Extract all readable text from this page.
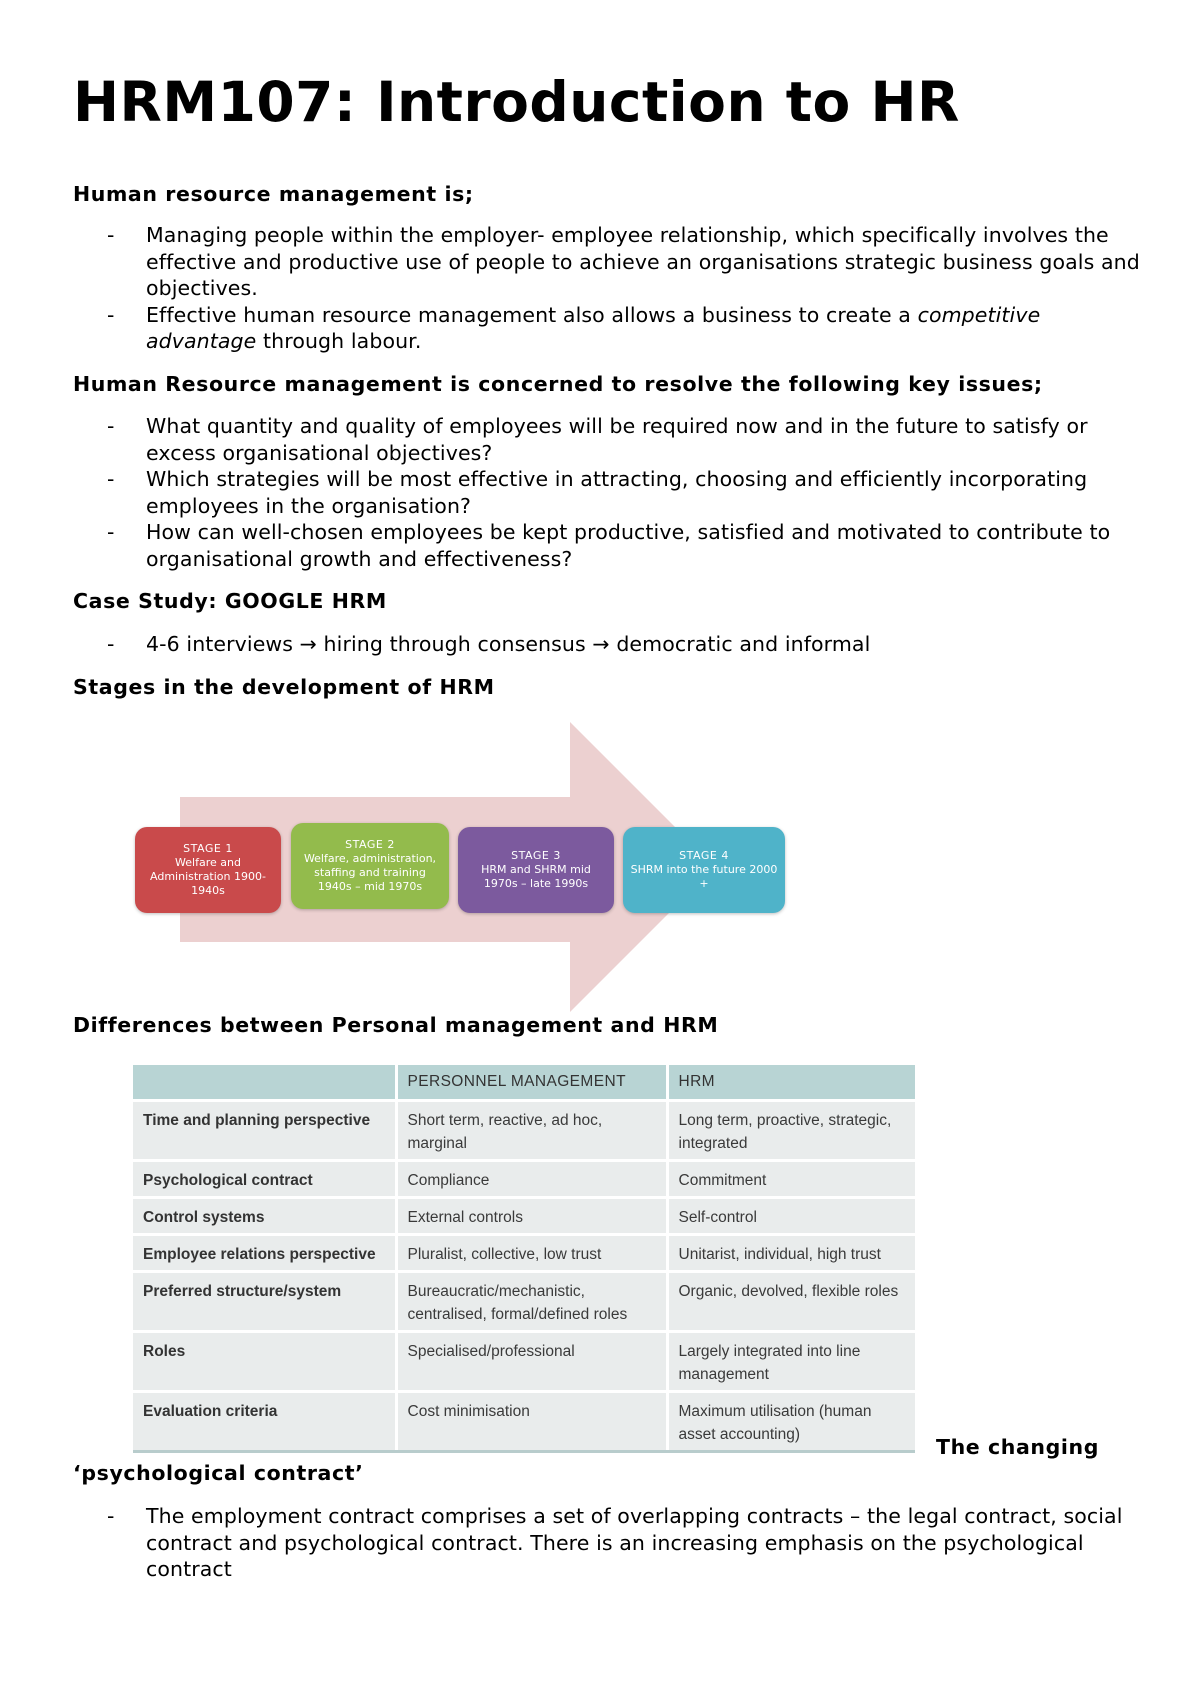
HRM107: Introduction to HR

Human resource management is;

- Managing people within the employer- employee relationship, which specifically involves the effective and productive use of people to achieve an organisations strategic business goals and objectives.
- Effective human resource management also allows a business to create a competitive advantage through labour.

Human Resource management is concerned to resolve the following key issues;

- What quantity and quality of employees will be required now and in the future to satisfy or excess organisational objectives?
- Which strategies will be most effective in attracting, choosing and efficiently incorporating employees in the organisation?
- How can well-chosen employees be kept productive, satisfied and motivated to contribute to organisational growth and effectiveness?

Case Study: GOOGLE HRM

- 4-6 interviews → hiring through consensus → democratic and informal

Stages in the development of HRM

STAGE 1
Welfare and Administration 1900-1940s
STAGE 2
Welfare, administration, staffing and training 1940s – mid 1970s
STAGE 3
HRM and SHRM mid 1970s – late 1990s
STAGE 4
SHRM into the future 2000 +

Differences between Personal management and HRM

	PERSONNEL MANAGEMENT	HRM
Time and planning perspective	Short term, reactive, ad hoc, marginal	Long term, proactive, strategic, integrated
Psychological contract	Compliance	Commitment
Control systems	External controls	Self-control
Employee relations perspective	Pluralist, collective, low trust	Unitarist, individual, high trust
Preferred structure/system	Bureaucratic/mechanistic, centralised, formal/defined roles	Organic, devolved, flexible roles
Roles	Specialised/professional	Largely integrated into line management
Evaluation criteria	Cost minimisation	Maximum utilisation (human asset accounting)

The changing

‘psychological contract’

- The employment contract comprises a set of overlapping contracts – the legal contract, social contract and psychological contract. There is an increasing emphasis on the psychological contract
